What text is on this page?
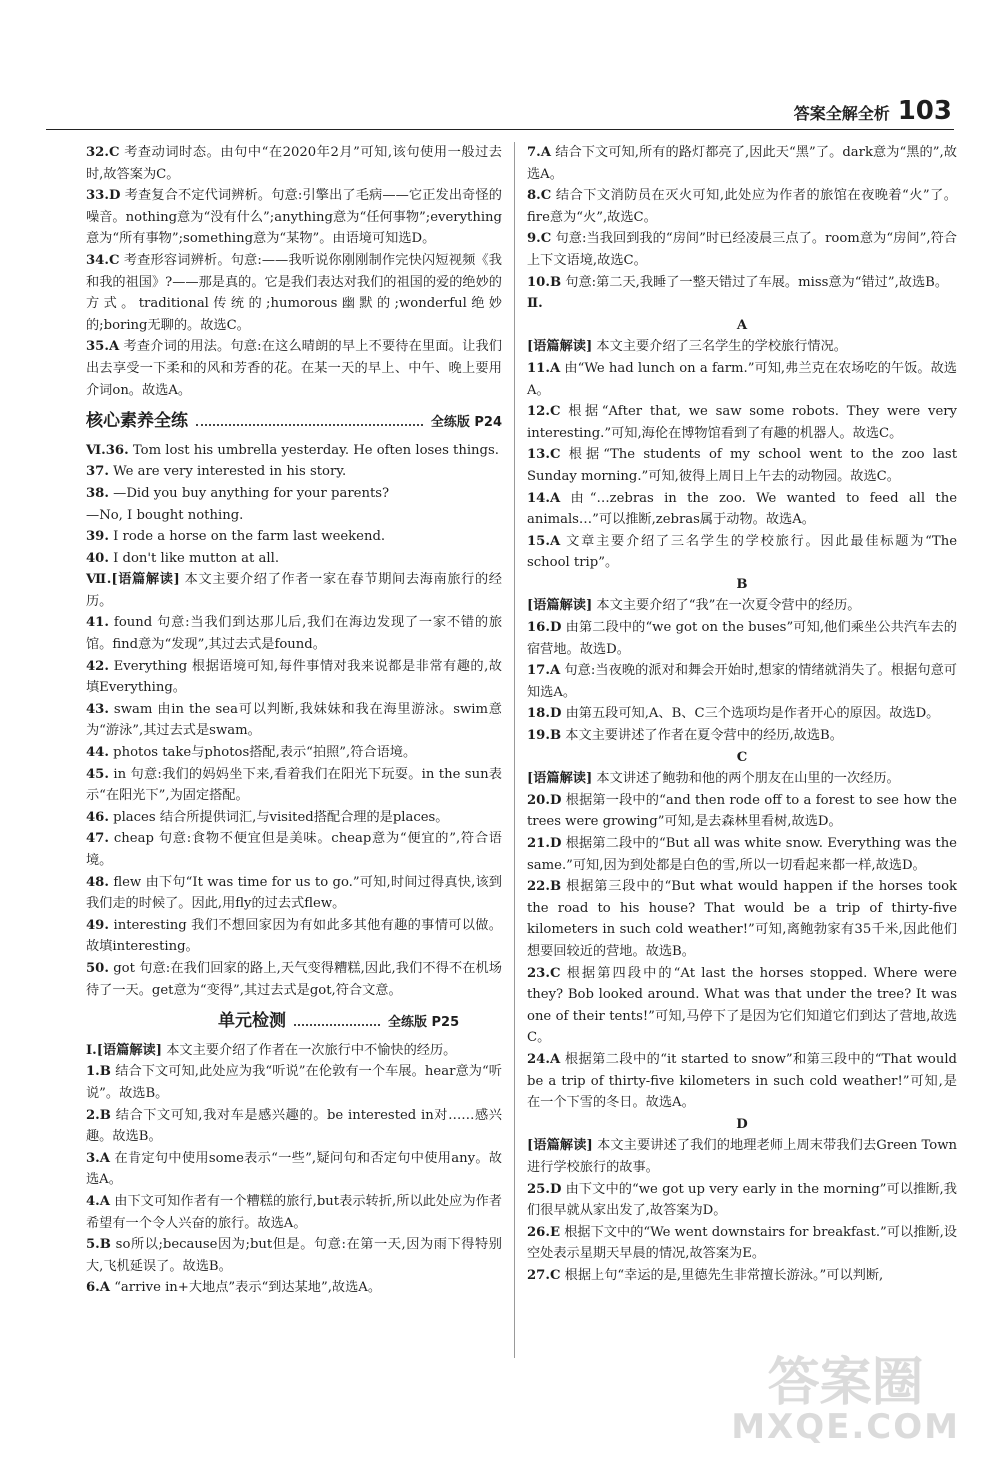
答案全解全析 103

32.C 考查动词时态。由句中“在2020年2月”可知,该句使用一般过去时,故答案为C。

33.D 考查复合不定代词辨析。句意:引擎出了毛病——它正发出奇怪的噪音。nothing意为“没有什么”;anything意为“任何事物”;everything意为“所有事物”;something意为“某物”。由语境可知选D。

34.C 考查形容词辨析。句意:——我听说你刚刚制作完快闪短视频《我和我的祖国》?——那是真的。它是我们表达对我们的祖国的爱的绝妙的方式。traditional传统的;humorous幽默的;wonderful绝妙的;boring无聊的。故选C。

35.A 考查介词的用法。句意:在这么晴朗的早上不要待在里面。让我们出去享受一下柔和的风和芳香的花。在某一天的早上、中午、晚上要用介词on。故选A。

核心素养全练	全练版 P24

Ⅵ.36. Tom lost his umbrella yesterday. He often loses things.

37. We are very interested in his story.

38. —Did you buy anything for your parents?

—No, I bought nothing.

39. I rode a horse on the farm last weekend.

40. I don't like mutton at all.

Ⅶ.[语篇解读] 本文主要介绍了作者一家在春节期间去海南旅行的经历。

41. found 句意:当我们到达那儿后,我们在海边发现了一家不错的旅馆。find意为“发现”,其过去式是found。

42. Everything 根据语境可知,每件事情对我来说都是非常有趣的,故填Everything。

43. swam 由in the sea可以判断,我妹妹和我在海里游泳。swim意为“游泳”,其过去式是swam。

44. photos take与photos搭配,表示“拍照”,符合语境。

45. in 句意:我们的妈妈坐下来,看着我们在阳光下玩耍。in the sun表示“在阳光下”,为固定搭配。

46. places 结合所提供词汇,与visited搭配合理的是places。

47. cheap 句意:食物不便宜但是美味。cheap意为“便宜的”,符合语境。

48. flew 由下句“It was time for us to go.”可知,时间过得真快,该到我们走的时候了。因此,用fly的过去式flew。

49. interesting 我们不想回家因为有如此多其他有趣的事情可以做。故填interesting。

50. got 句意:在我们回家的路上,天气变得糟糕,因此,我们不得不在机场待了一天。get意为“变得”,其过去式是got,符合文意。

单元检测	全练版 P25

Ⅰ.[语篇解读] 本文主要介绍了作者在一次旅行中不愉快的经历。

1.B 结合下文可知,此处应为我“听说”在伦敦有一个车展。hear意为“听说”。故选B。

2.B 结合下文可知,我对车是感兴趣的。be interested in对……感兴趣。故选B。

3.A 在肯定句中使用some表示“一些”,疑问句和否定句中使用any。故选A。

4.A 由下文可知作者有一个糟糕的旅行,but表示转折,所以此处应为作者希望有一个令人兴奋的旅行。故选A。

5.B so所以;because因为;but但是。句意:在第一天,因为雨下得特别大,飞机延误了。故选B。

6.A “arrive in+大地点”表示“到达某地”,故选A。

7.A 结合下文可知,所有的路灯都亮了,因此天“黑”了。dark意为“黑的”,故选A。

8.C 结合下文消防员在灭火可知,此处应为作者的旅馆在夜晚着“火”了。fire意为“火”,故选C。

9.C 句意:当我回到我的“房间”时已经凌晨三点了。room意为“房间”,符合上下文语境,故选C。

10.B 句意:第二天,我睡了一整天错过了车展。miss意为“错过”,故选B。

Ⅱ.

A

[语篇解读] 本文主要介绍了三名学生的学校旅行情况。

11.A 由“We had lunch on a farm.”可知,弗兰克在农场吃的午饭。故选A。

12.C 根据“After that, we saw some robots. They were very interesting.”可知,海伦在博物馆看到了有趣的机器人。故选C。

13.C 根据“The students of my school went to the zoo last Sunday morning.”可知,彼得上周日上午去的动物园。故选C。

14.A 由“…zebras in the zoo. We wanted to feed all the animals…”可以推断,zebras属于动物。故选A。

15.A 文章主要介绍了三名学生的学校旅行。因此最佳标题为“The school trip”。

B

[语篇解读] 本文主要介绍了“我”在一次夏令营中的经历。

16.D 由第二段中的“we got on the buses”可知,他们乘坐公共汽车去的宿营地。故选D。

17.A 句意:当夜晚的派对和舞会开始时,想家的情绪就消失了。根据句意可知选A。

18.D 由第五段可知,A、B、C三个选项均是作者开心的原因。故选D。

19.B 本文主要讲述了作者在夏令营中的经历,故选B。

C

[语篇解读] 本文讲述了鲍勃和他的两个朋友在山里的一次经历。

20.D 根据第一段中的“and then rode off to a forest to see how the trees were growing”可知,是去森林里看树,故选D。

21.D 根据第二段中的“But all was white snow. Everything was the same.”可知,因为到处都是白色的雪,所以一切看起来都一样,故选D。

22.B 根据第三段中的“But what would happen if the horses took the road to his house? That would be a trip of thirty-five kilometers in such cold weather!”可知,离鲍勃家有35千米,因此他们想要回较近的营地。故选B。

23.C 根据第四段中的“At last the horses stopped. Where were they? Bob looked around. What was that under the tree? It was one of their tents!”可知,马停下了是因为它们知道它们到达了营地,故选C。

24.A 根据第二段中的“it started to snow”和第三段中的“That would be a trip of thirty-five kilometers in such cold weather!”可知,是在一个下雪的冬日。故选A。

D

[语篇解读] 本文主要讲述了我们的地理老师上周末带我们去Green Town进行学校旅行的故事。

25.D 由下文中的“we got up very early in the morning”可以推断,我们很早就从家出发了,故答案为D。

26.E 根据下文中的“We went downstairs for breakfast.”可以推断,设空处表示星期天早晨的情况,故答案为E。

27.C 根据上句“幸运的是,里德先生非常擅长游泳。”可以判断,

答案圈
MXQE.COM
